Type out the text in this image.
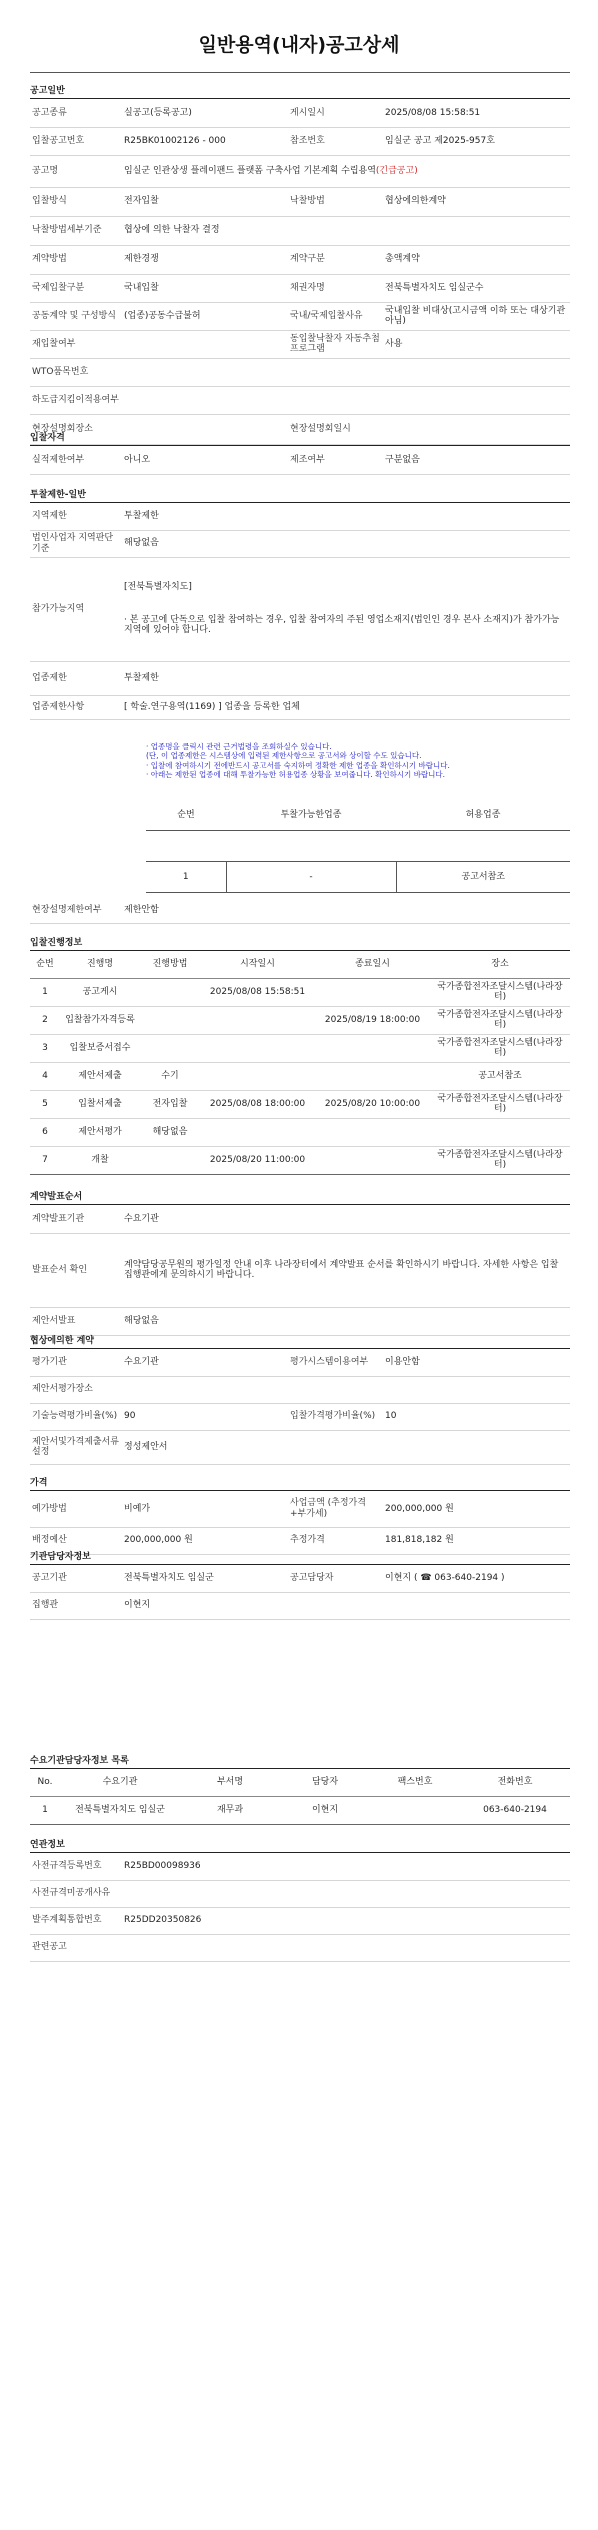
일반용역(내자)공고상세
공고일반
공고종류	실공고(등록공고)	게시일시	2025/08/08 15:58:51
입찰공고번호	R25BK01002126 - 000	참조번호	임실군 공고 제2025-957호
공고명	임실군 인관상생 플레이팬드 플랫폼 구축사업 기본계획 수립용역(긴급공고)		
입찰방식	전자입찰	낙찰방법	협상에의한계약
낙찰방법세부기준	협상에 의한 낙찰자 결정		
계약방법	제한경쟁	계약구분	총액계약
국제입찰구분	국내입찰	채권자명	전북특별자치도 임실군수
공동계약 및 구성방식	(업종)공동수급불허	국내/국제입찰사유	국내입찰 비대상(고시금액 이하 또는 대상기관아님)
재입찰여부		동입찰낙찰자 자동추첨 프로그램	사용
WTO품목번호			
하도급지킴이적용여부			
현장설명회장소		현장설명회일시	
입찰자격
실적제한여부	아니오	제조여부	구분없음
투찰제한-일반
지역제한	투찰제한
법인사업자 지역판단기준	해당없음
참가가능지역	[전북특별자치도]
· 본 공고에 단독으로 입찰 참여하는 경우, 입찰 참여자의 주된 영업소재지(법인인 경우 본사 소재지)가 참가가능지역에 있어야 합니다.

업종제한	투찰제한
업종제한사항	[ 학술.연구용역(1169) ] 업종을 등록한 업체
· 업종명을 클릭시 관련 근거법령을 조회하실수 있습니다.
(단, 이 업종제한은 시스템상에 입력된 제한사항으로 공고서와 상이할 수도 있습니다.
· 입찰에 참여하시기 전에반드시 공고서를 숙지하여 정확한 제한 업종을 확인하시기 바랍니다.
· 아래는 제한된 업종에 대해 투찰가능한 허용업종 상황을 보여줍니다. 확인하시기 바랍니다.
순번	투찰가능한업종	허용업종

1	-	공고서참조
현장설명제한여부	제한안함
입찰진행정보
순번	진행명	진행방법	시작일시	종료일시	장소
1	공고게시		2025/08/08 15:58:51		국가종합전자조달시스템(나라장터)
2	입찰참가자격등록			2025/08/19 18:00:00	국가종합전자조달시스템(나라장터)
3	입찰보증서접수				국가종합전자조달시스템(나라장터)
4	제안서제출	수기			공고서참조
5	입찰서제출	전자입찰	2025/08/08 18:00:00	2025/08/20 10:00:00	국가종합전자조달시스템(나라장터)
6	제안서평가	해당없음			
7	개찰		2025/08/20 11:00:00		국가종합전자조달시스템(나라장터)
계약발표순서
계약발표기관	수요기관
발표순서 확인	계약담당공무원의 평가일정 안내 이후 나라장터에서 계약발표 순서를 확인하시기 바랍니다. 자세한 사항은 입찰 집행관에게 문의하시기 바랍니다.
제안서발표	해당없음
협상에의한 계약
평가기관	수요기관	평가시스템이용여부	이용안함
제안서평가장소			
기술능력평가비율(%)	90	입찰가격평가비율(%)	10
제안서및가격제출서류설정	정성제안서		
가격
예가방법	비예가	사업금액 (추정가격+부가세)	200,000,000 원
배정예산	200,000,000 원	추정가격	181,818,182 원
기관담당자정보
공고기관	전북특별자치도 임실군	공고담당자	이현지 ( ☎ 063-640-2194 )
집행관	이현지		
수요기관담당자정보 목록
No.	수요기관	부서명	담당자	팩스번호	전화번호
1	전북특별자치도 임실군	재무과	이현지		063-640-2194
연관정보
사전규격등록번호	R25BD00098936
사전규격미공개사유	
발주계획통합번호	R25DD20350826
관련공고	
